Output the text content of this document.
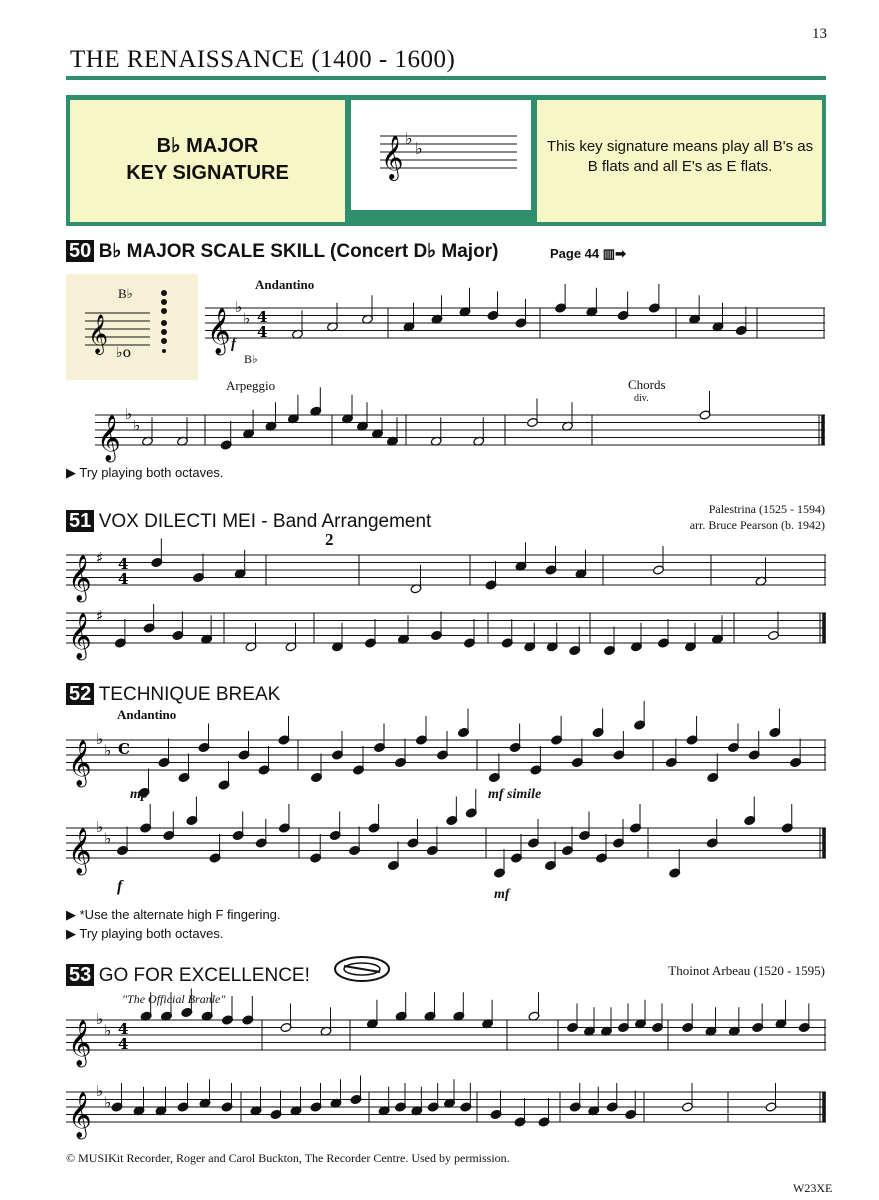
13
THE RENAISSANCE (1400 - 1600)
B♭ MAJOR
KEY SIGNATURE	𝄞 ♭
♭	This key signature means play all B's as B flats and all E's as E flats.
50 B♭ MAJOR SCALE SKILL (Concert D♭ Major)	Page 44 ▥➡
B♭
𝄞 ♭o
Andantino
𝄞
♭
♭ 4
4
f
B♭
Arpeggio	Chords
div.
𝄞
♭
♭
▶ Try playing both octaves.
51 VOX DILECTI MEI - Band Arrangement
Palestrina (1525 - 1594)
arr. Bruce Pearson (b. 1942)
2
𝄞 ♯ 4
4
𝄞 ♯
52 TECHNIQUE BREAK
Andantino
𝄞
♭
♭ C
mp	mf simile
𝄞
♭
♭
f	mf
▶ *Use the alternate high F fingering.
▶ Try playing both octaves.
53 GO FOR EXCELLENCE!	Thoinot Arbeau (1520 - 1595)
"The Official Branle"
𝄞
♭
♭ 4
4
𝄞
♭
♭
© MUSIKit Recorder, Roger and Carol Buckton, The Recorder Centre. Used by permission.
W23XE
